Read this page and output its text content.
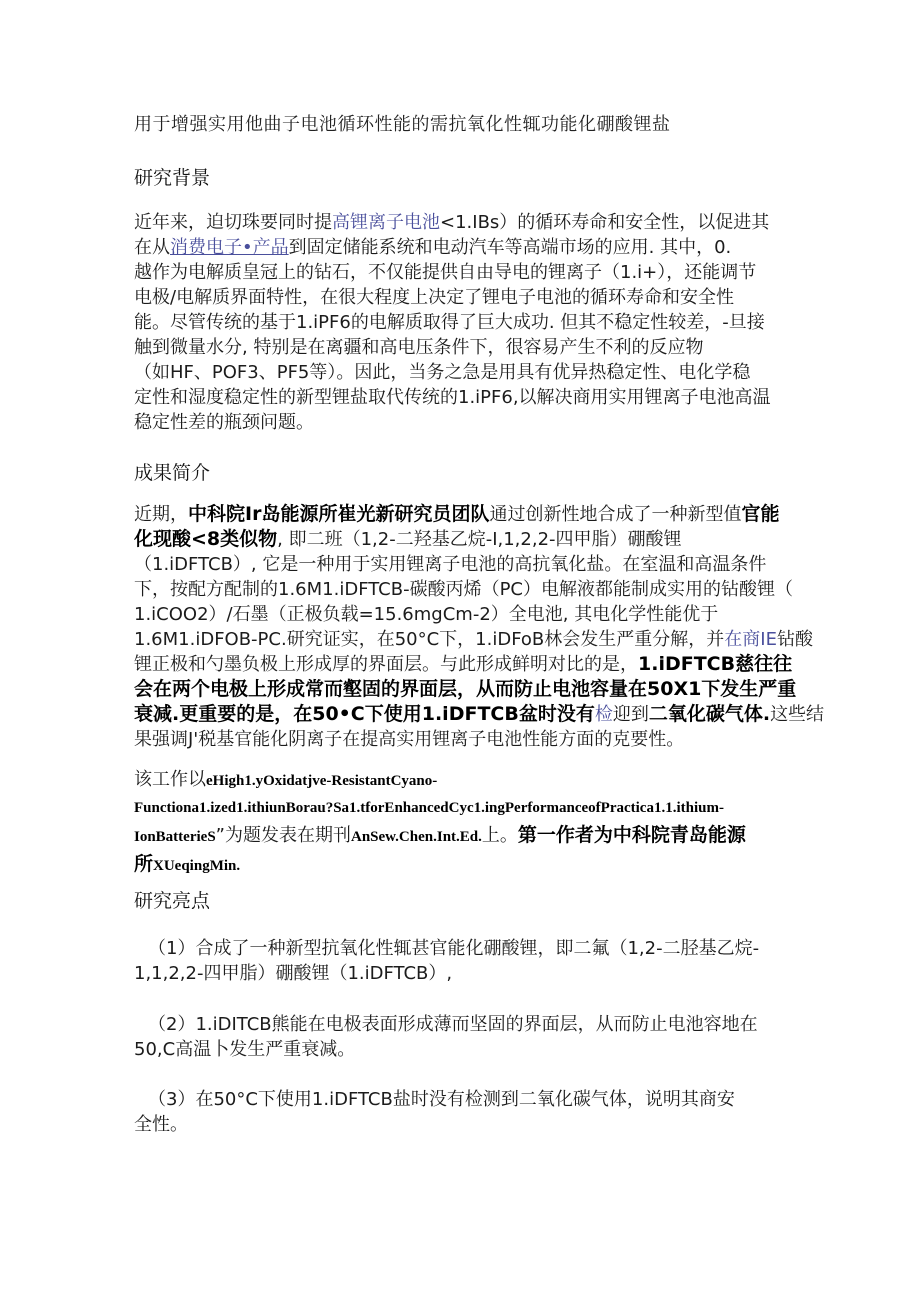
用于增强实用他曲子电池循环性能的需抗氧化性辄功能化硼酸锂盐
研究背景
近年来，迫切珠要同时提高锂离子电池<1.IBs）的循环寿命和安全性，以促进其
在从消费电子•产品到固定储能系统和电动汽车等高端市场的应用. 其中，0.
越作为电解质皇冠上的钻石，不仅能提供自由导电的锂离子（1.i+），还能调节
电极/电解质界面特性，在很大程度上决定了锂电子电池的循环寿命和安全性
能。尽管传统的基于1.iPF6的电解质取得了巨大成功. 但其不稳定性较差，-旦接
触到微量水分, 特别是在离疆和高电压条件下，很容易产生不利的反应物
（如HF、POF3、PF5等）。因此，当务之急是用具有优异热稳定性、电化学稳
定性和湿度稳定性的新型锂盐取代传统的1.iPF6,以解决商用实用锂离子电池高温
稳定性差的瓶颈问题。
成果简介
近期，中科院Ir岛能源所崔光新研究员团队通过创新性地合成了一种新型值官能
化现酸<8类似物, 即二班（1,2-二羟基乙烷-I,1,2,2-四甲脂）硼酸锂
（1.iDFTCB）, 它是一种用于实用锂离子电池的高抗氧化盐。在室温和高温条件
下，按配方配制的1.6M1.iDFTCB-碳酸丙烯（PC）电解液都能制成实用的钻酸锂（
1.iCOO2）/石墨（正极负载=15.6mgCm-2）全电池, 其电化学性能优于
1.6M1.iDFOB-PC.研究证实，在50°C下，1.iDFoB林会发生严重分解，并在商IE钻酸
锂正极和勺墨负极上形成厚的界面层。与此形成鲜明对比的是，1.iDFTCB慈往往
会在两个电极上形成常而壑固的界面层，从而防止电池容量在50X1下发生严重
衰减.更重要的是，在50•C下使用1.iDFTCB盆时没有检迎到二氧化碳气体.这些结
果强调J'税基官能化阴离子在提高实用锂离子电池性能方面的克要性。
该工作以eHigh1.yOxidatjve-ResistantCyano-
Functiona1.ized1.ithiunBorau?Sa1.tforEnhancedCyc1.ingPerformanceofPractica1.1.ithium-
IonBatterieS”为题发表在期刊AnSew.Chen.Int.Ed.上。第一作者为中科院青岛能源
所XUeqingMin.
研究亮点
（1）合成了一种新型抗氧化性辄甚官能化硼酸锂，即二氟（1,2-二胫基乙烷-
1,1,2,2-四甲脂）硼酸锂（1.iDFTCB）,
（2）1.iDITCB熊能在电极表面形成薄而坚固的界面层，从而防止电池容地在
50,C高温卜发生严重衰减。
（3）在50°C下使用1.iDFTCB盐时没有检测到二氧化碳气体，说明其商安
全性。
